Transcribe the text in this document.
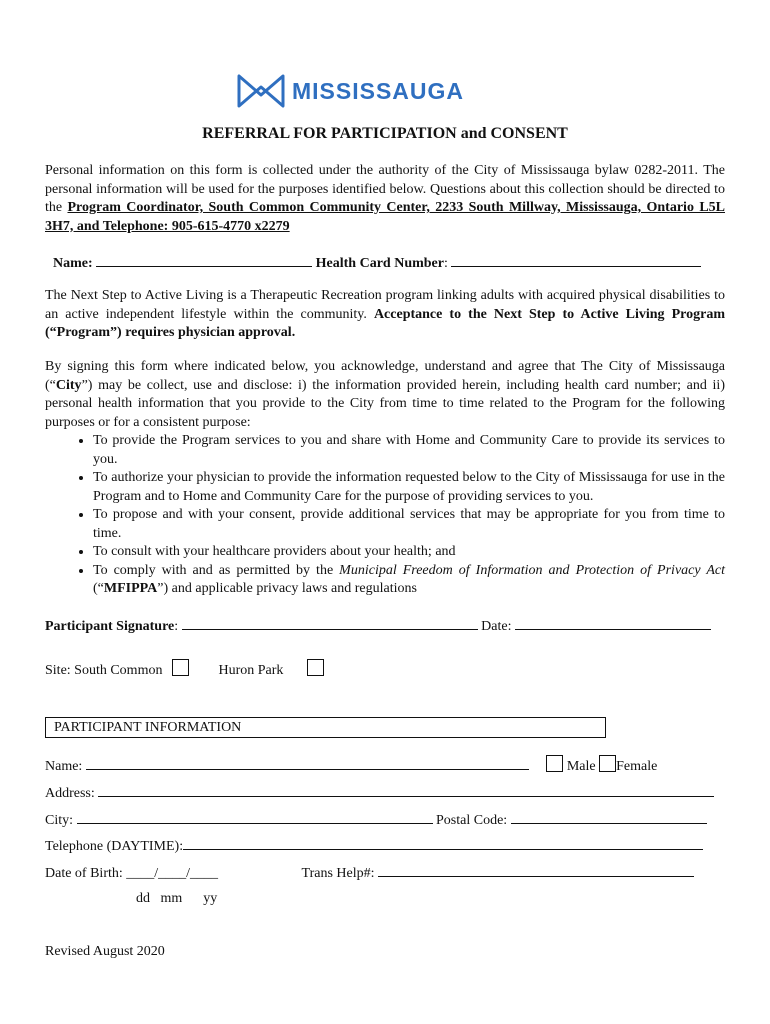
MISSISSAUGA
REFERRAL FOR PARTICIPATION and CONSENT

Personal information on this form is collected under the authority of the City of Mississauga bylaw 0282-2011. The personal information will be used for the purposes identified below. Questions about this collection should be directed to the Program Coordinator, South Common Community Center, 2233 South Millway, Mississauga, Ontario L5L 3H7, and Telephone: 905-615-4770 x2279

Name:	Health Card Number:

The Next Step to Active Living is a Therapeutic Recreation program linking adults with acquired physical disabilities to an active independent lifestyle within the community. Acceptance to the Next Step to Active Living Program (“Program”) requires physician approval.

By signing this form where indicated below, you acknowledge, understand and agree that The City of Mississauga (“City”) may be collect, use and disclose: i) the information provided herein, including health card number; and ii) personal health information that you provide to the City from time to time related to the Program for the following purposes or for a consistent purpose:

• To provide the Program services to you and share with Home and Community Care to provide its services to you.
• To authorize your physician to provide the information requested below to the City of Mississauga for use in the Program and to Home and Community Care for the purpose of providing services to you.
• To propose and with your consent, provide additional services that may be appropriate for you from time to time.
• To consult with your healthcare providers about your health; and
• To comply with and as permitted by the Municipal Freedom of Information and Protection of Privacy Act (“MFIPPA”) and applicable privacy laws and regulations
Participant Signature:	Date:
Site: South Common	Huron Park
PARTICIPANT INFORMATION
Name:	Male Female
Address:
City:	Postal Code:
Telephone (DAYTIME):
Date of Birth: ____/____/____	Trans Help#:
dd   mm      yy
Revised August 2020
